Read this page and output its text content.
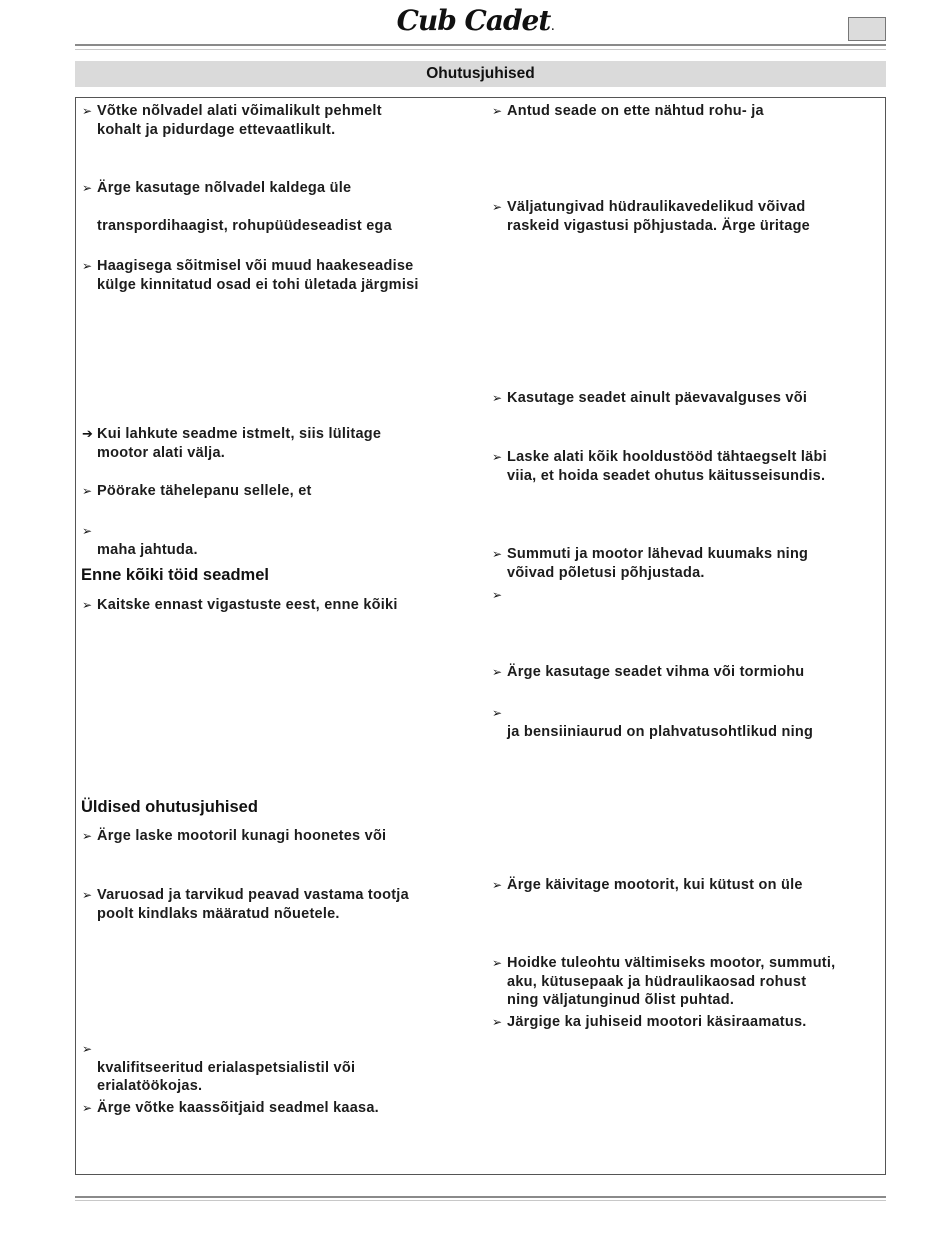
Cub Cadet.
Ohutusjuhised
➢ Võtke nõlvadel alati võimalikult pehmelt
kohalt ja pidurdage ettevaatlikult.
➢ Ärge kasutage nõlvadel kaldega üle
transpordihaagist, rohupüüdeseadist ega
➢ Haagisega sõitmisel või muud haakeseadise
külge kinnitatud osad ei tohi ületada järgmisi
➔ Kui lahkute seadme istmelt, siis lülitage
mootor alati välja.
➢ Pöörake tähelepanu sellele, et
➢
maha jahtuda.
➢ Kaitske ennast vigastuste eest, enne kõiki
➢ Ärge laske mootoril kunagi hoonetes või
➢ Varuosad ja tarvikud peavad vastama tootja
poolt kindlaks määratud nõuetele.
➢
kvalifitseeritud erialaspetsialistil või
erialatöökojas.
➢ Ärge võtke kaassõitjaid seadmel kaasa.
Enne kõiki töid seadmel
Üldised ohutusjuhised
➢ Antud seade on ette nähtud rohu- ja
➢ Väljatungivad hüdraulikavedelikud võivad
raskeid vigastusi põhjustada. Ärge üritage
➢ Kasutage seadet ainult päevavalguses või
➢ Laske alati kõik hooldustööd tähtaegselt läbi
viia, et hoida seadet ohutus käitusseisundis.
➢ Summuti ja mootor lähevad kuumaks ning
võivad põletusi põhjustada.
➢
➢ Ärge kasutage seadet vihma või tormiohu
➢
ja bensiiniaurud on plahvatusohtlikud ning
➢ Ärge käivitage mootorit, kui kütust on üle
➢ Hoidke tuleohtu vältimiseks mootor, summuti,
aku, kütusepaak ja hüdraulikaosad rohust
ning väljatunginud õlist puhtad.
➢ Järgige ka juhiseid mootori käsiraamatus.
